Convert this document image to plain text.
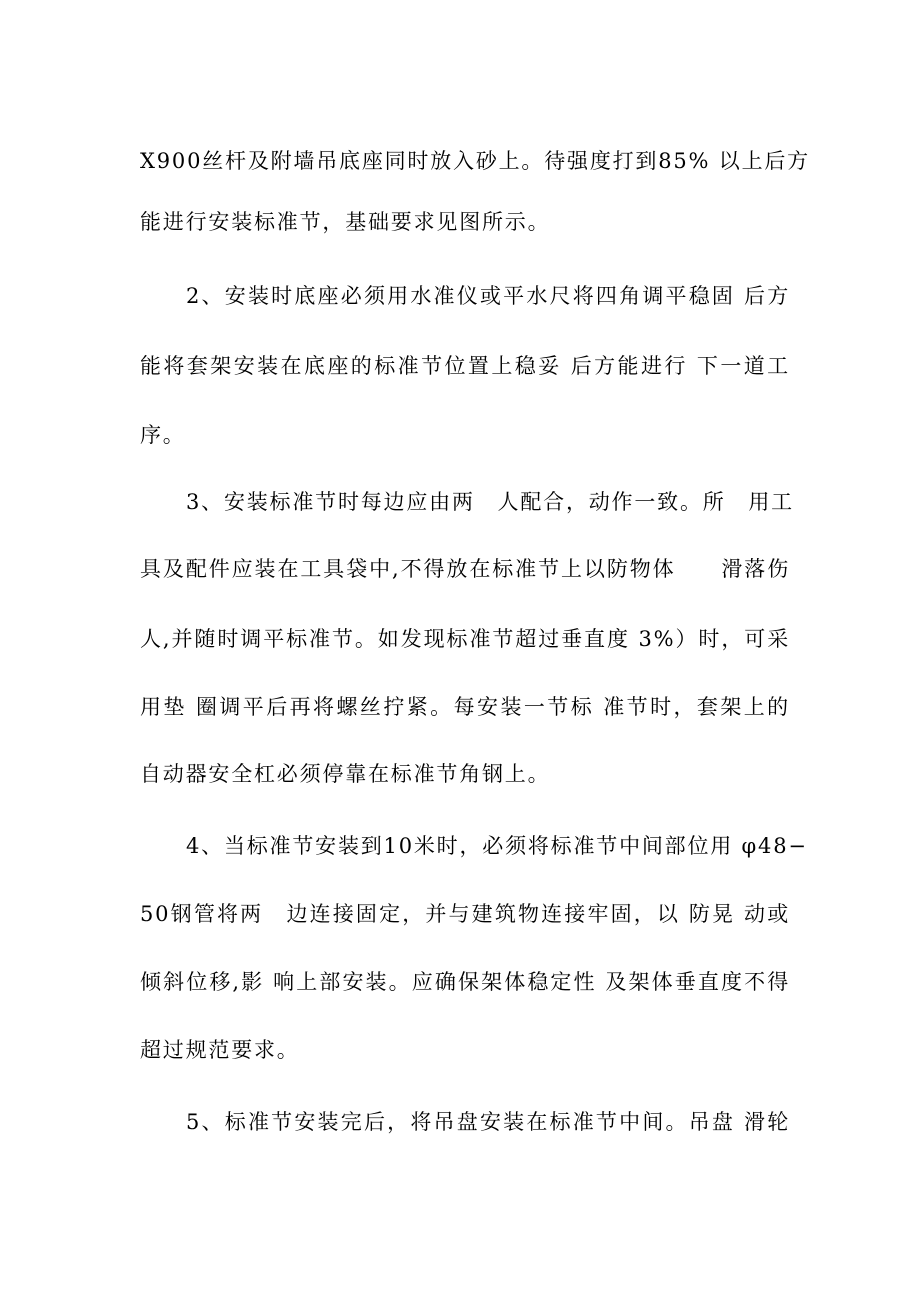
X900丝杆及附墙吊底座同时放入砂上。待强度打到85% 以上后方
能进行安装标准节，基础要求见图所示。
2、安装时底座必须用水准仪或平水尺将四角调平稳固 后方
能将套架安装在底座的标准节位置上稳妥 后方能进行 下一道工
序。
3、安装标准节时每边应由两　人配合，动作一致。所　用工
具及配件应装在工具袋中,不得放在标准节上以防物体　　滑落伤
人,并随时调平标准节。如发现标准节超过垂直度 3%）时，可采
用垫 圈调平后再将螺丝拧紧。每安装一节标 准节时，套架上的
自动器安全杠必须停靠在标准节角钢上。
4、当标准节安装到10米时，必须将标准节中间部位用 φ48−
50钢管将两　边连接固定，并与建筑物连接牢固，以 防晃 动或
倾斜位移,影 响上部安装。应确保架体稳定性 及架体垂直度不得
超过规范要求。
5、标准节安装完后，将吊盘安装在标准节中间。吊盘 滑轮
